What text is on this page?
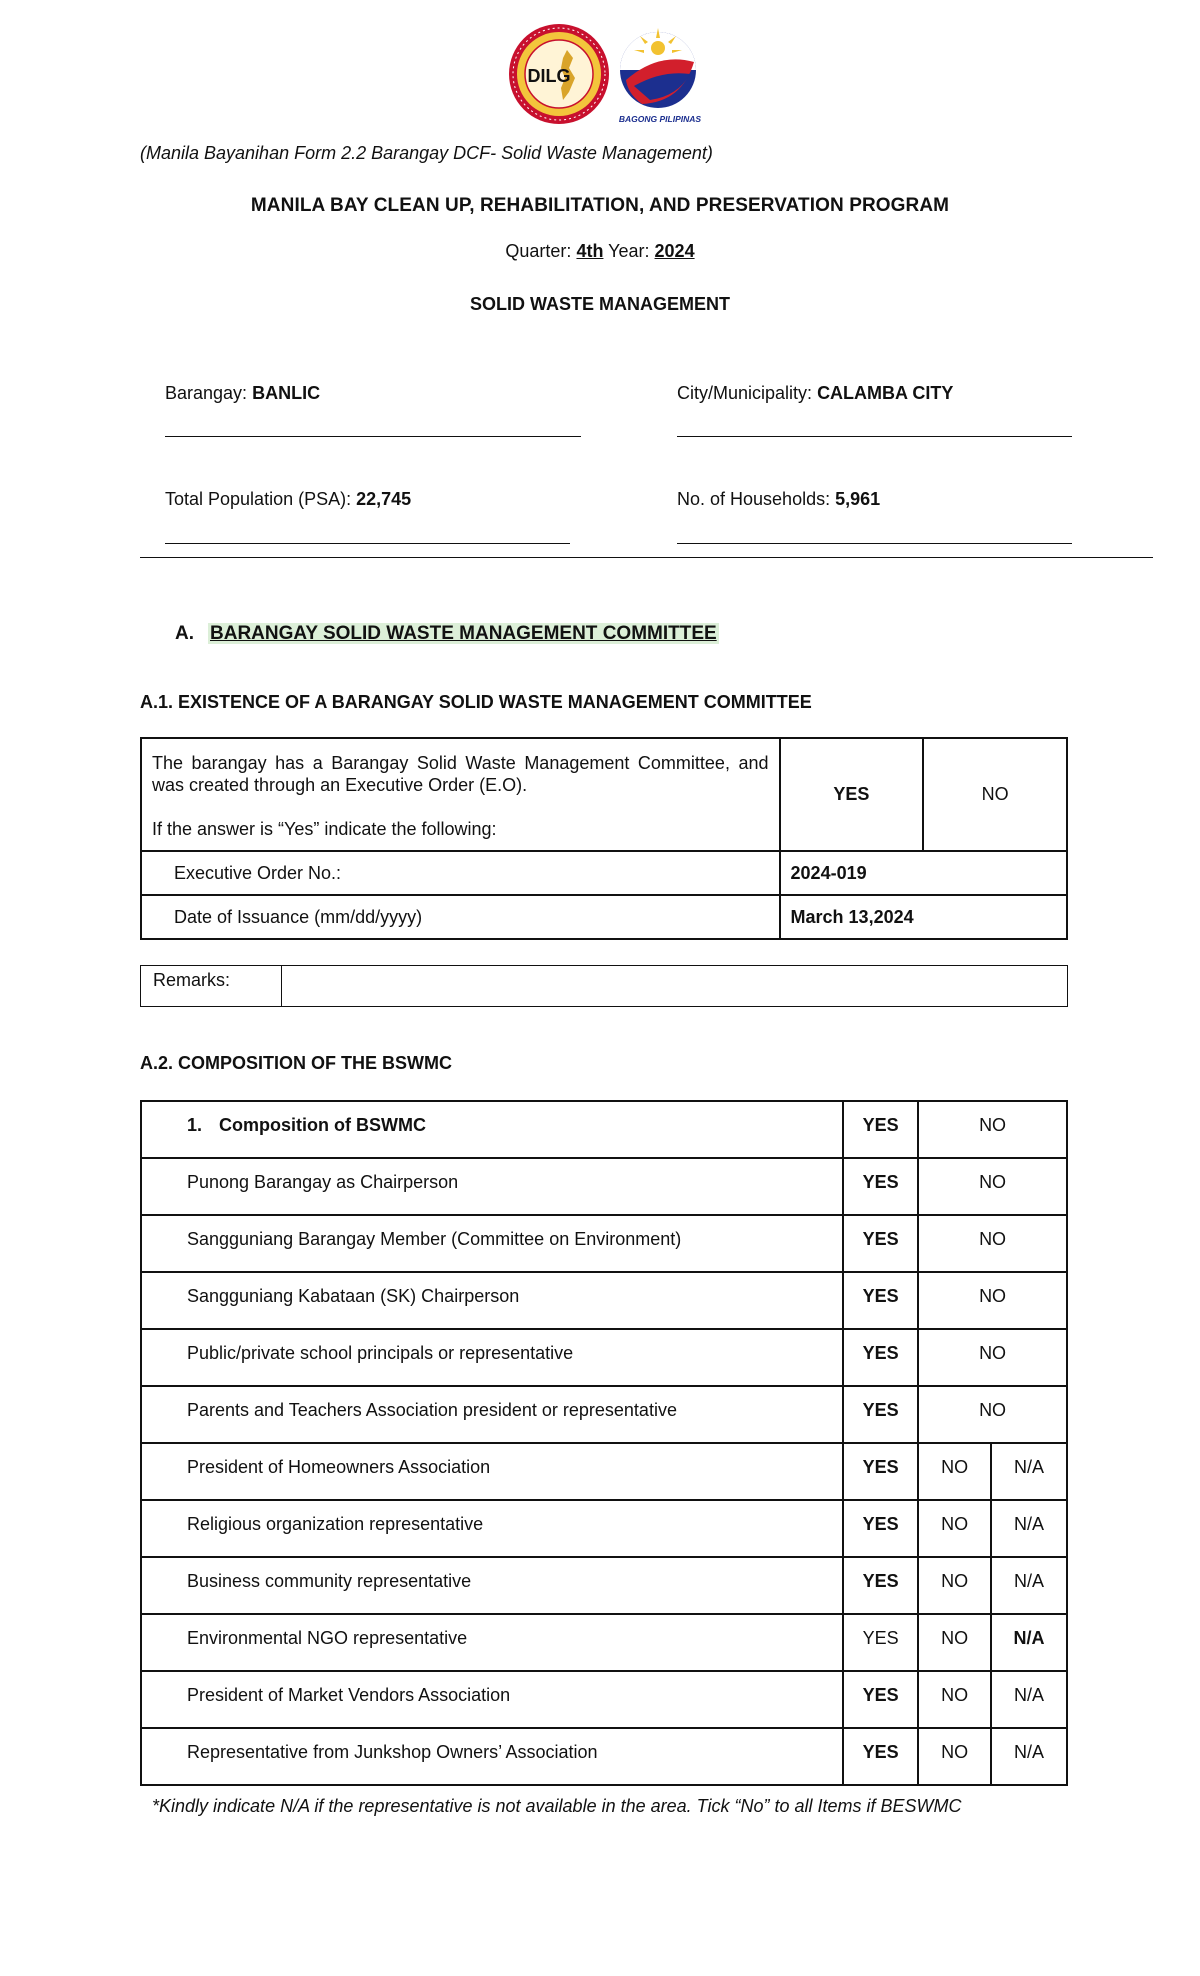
DILG
BAGONG PILIPINAS
(Manila Bayanihan Form 2.2 Barangay DCF- Solid Waste Management)
MANILA BAY CLEAN UP, REHABILITATION, AND PRESERVATION PROGRAM
Quarter: 4th Year: 2024
SOLID WASTE MANAGEMENT
Barangay: BANLIC	City/Municipality: CALAMBA CITY
Total Population (PSA): 22,745	No. of Households: 5,961
A. BARANGAY SOLID WASTE MANAGEMENT COMMITTEE
A.1. EXISTENCE OF A BARANGAY SOLID WASTE MANAGEMENT COMMITTEE
The barangay has a Barangay Solid Waste Management Committee, and was created through an Executive Order (E.O).
If the answer is “Yes” indicate the following:	YES	NO
Executive Order No.:	2024-019	
Date of Issuance (mm/dd/yyyy)	March 13,2024	
Remarks:
A.2. COMPOSITION OF THE BSWMC
1. Composition of BSWMC	YES	NO	
Punong Barangay as Chairperson	YES	NO	
Sangguniang Barangay Member (Committee on Environment)	YES	NO	
Sangguniang Kabataan (SK) Chairperson	YES	NO	
Public/private school principals or representative	YES	NO	
Parents and Teachers Association president or representative	YES	NO	
President of Homeowners Association	YES	NO	N/A
Religious organization representative	YES	NO	N/A
Business community representative	YES	NO	N/A
Environmental NGO representative	YES	NO	N/A
President of Market Vendors Association	YES	NO	N/A
Representative from Junkshop Owners’ Association	YES	NO	N/A
*Kindly indicate N/A if the representative is not available in the area. Tick “No” to all Items if BESWMC
